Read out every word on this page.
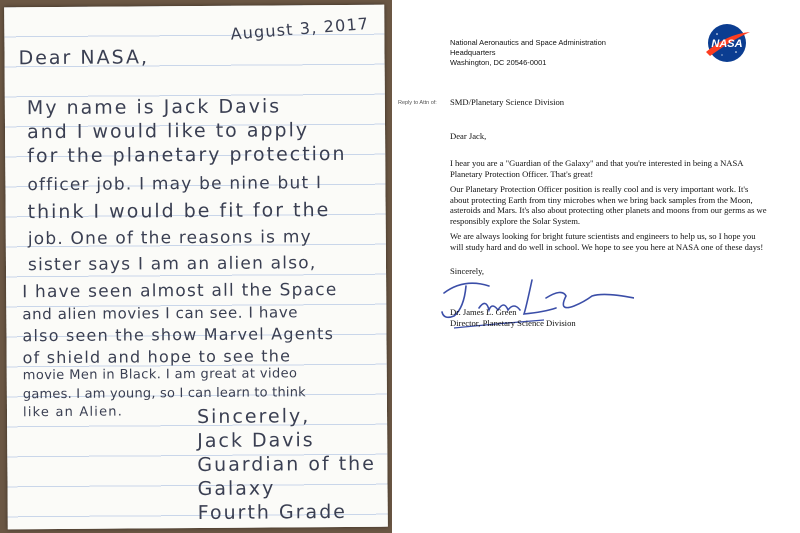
August 3, 2017
Dear NASA,
My name is Jack Davis
and I would like to apply
for the planetary protection
officer job. I may be nine but I
think I would be fit for the
job. One of the reasons is my
sister says I am an alien also,
I have seen almost all the Space
and alien movies I can see. I have
also seen the show Marvel Agents
of shield and hope to see the
movie Men in Black. I am great at video
games. I am young, so I can learn to think
like an Alien.	Sincerely,
Jack Davis
Guardian of the
Galaxy
Fourth Grade
National Aeronautics and Space Administration
Headquarters
Washington, DC 20546-0001
NASA
Reply to Attn of: SMD/Planetary Science Division
Dear Jack,
I hear you are a "Guardian of the Galaxy" and that you're interested in being a NASA Planetary Protection Officer. That's great!
Our Planetary Protection Officer position is really cool and is very important work. It's about protecting Earth from tiny microbes when we bring back samples from the Moon, asteroids and Mars. It's also about protecting other planets and moons from our germs as we responsibly explore the Solar System.
We are always looking for bright future scientists and engineers to help us, so I hope you will study hard and do well in school. We hope to see you here at NASA one of these days!
Sincerely,
Dr. James L. Green
Director, Planetary Science Division
